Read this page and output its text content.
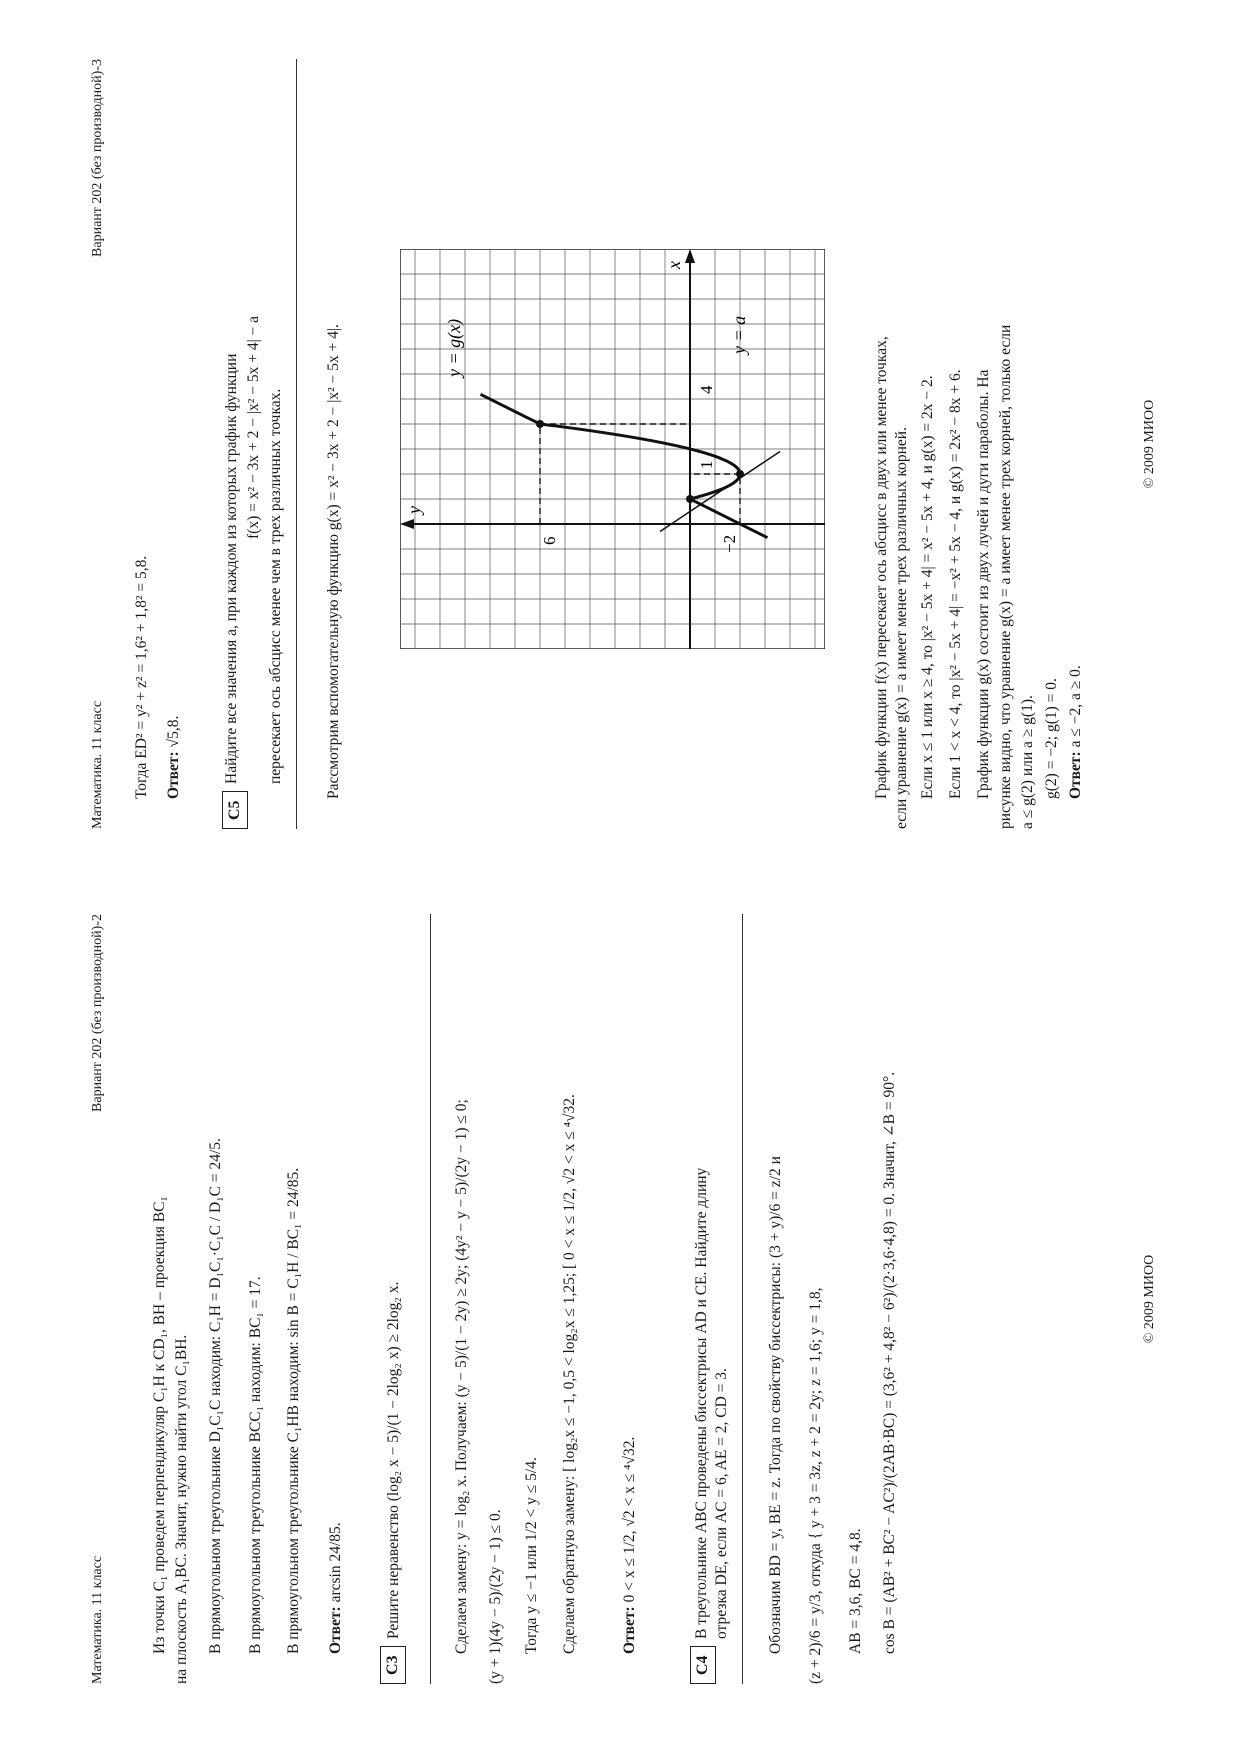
Математика. 11 класс
Вариант 202 (без производной)-2
Из точки C₁ проведем перпендикуляр C₁H к CD₁, BH – проекция BC₁ на плоскость A₁BC. Значит, нужно найти угол C₁BH. В прямоугольном треугольнике D₁C₁C находим: C₁H = D₁C₁·C₁C / D₁C = 24/5. В прямоугольном треугольнике BCC₁ находим: BC₁ = 17. В прямоугольном треугольнике C₁HB находим: sin B = C₁H / BC₁ = 24/85. Ответ: arcsin 24/85.
C3
Решите неравенство (log₂ x − 5)/(1 − 2log₂ x) ≥ 2log₂ x.	Сделаем замену: y = log₂ x. Получаем: (y − 5)/(1 − 2y) ≥ 2y; (4y² − y − 5)/(2y − 1) ≤ 0; (y + 1)(4y − 5)/(2y − 1) ≤ 0. Тогда y ≤ −1 или 1/2 < y ≤ 5/4. Сделаем обратную замену: [ log₂x ≤ −1, 0,5 < log₂x ≤ 1,25; [ 0 < x ≤ 1/2, √2 < x ≤ ⁴√32.	Ответ: 0 < x ≤ 1/2, √2 < x ≤ ⁴√32.
C4
В треугольнике ABC проведены биссектрисы AD и CE. Найдите длину отрезка DE, если AC = 6, AE = 2, CD = 3. Обозначим BD = y, BE = z. Тогда по свойству биссектрисы: (3 + y)/6 = z/2 и (z + 2)/6 = y/3, откуда { y + 3 = 3z, z + 2 = 2y; z = 1,6; y = 1,8, AB = 3,6, BC = 4,8. cos B = (AB² + BC² − AC²)/(2AB·BC) = (3,6² + 4,8² − 6²)/(2·3,6·4,8) = 0. Значит, ∠B = 90°.	© 2009 МИОО
Математика. 11 класс
Вариант 202 (без производной)-3
Тогда ED² = y² + z² = 1,6² + 1,8² = 5,8. Ответ: √5,8.
C5
Найдите все значения a, при каждом из которых график функции f(x) = x² − 3x + 2 − |x² − 5x + 4| − a пересекает ось абсцисс менее чем в трех различных точках.	Рассмотрим вспомогательную функцию g(x) = x² − 3x + 2 − |x² − 5x + 4|.
x
y
y = g(x)	y = a
1
4
6	−2	График функции f(x) пересекает ось абсцисс в двух или менее точках, если уравнение g(x) = a имеет менее трех различных корней. Если x ≤ 1 или x ≥ 4, то |x² − 5x + 4| = x² − 5x + 4, и g(x) = 2x − 2. Если 1 < x < 4, то |x² − 5x + 4| = −x² + 5x − 4, и g(x) = 2x² − 8x + 6. График функции g(x) состоит из двух лучей и дуги параболы. На рисунке видно, что уравнение g(x) = a имеет менее трех корней, только если a ≤ g(2) или a ≥ g(1). g(2) = −2; g(1) = 0. Ответ: a ≤ −2, a ≥ 0.
© 2009 МИОО
